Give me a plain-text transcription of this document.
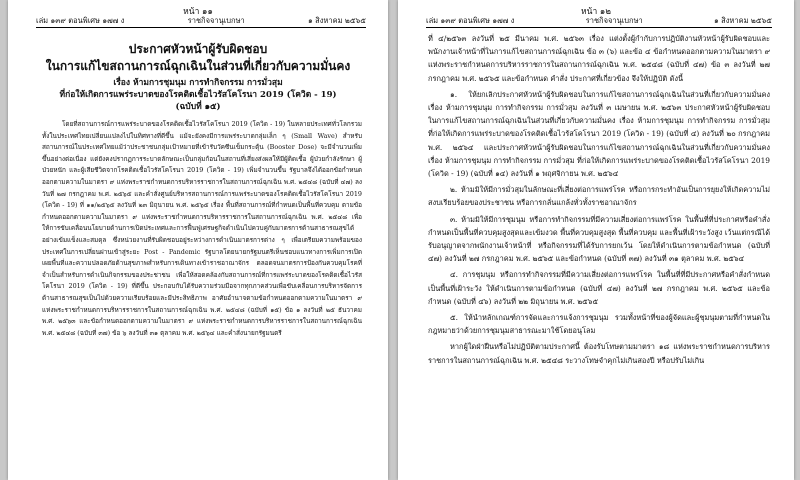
หน้า ๑๑
เล่ม ๑๓๙ ตอนพิเศษ ๑๗๗ ง	ราชกิจจานุเบกษา	๑ สิงหาคม ๒๕๖๕
ประกาศหัวหน้าผู้รับผิดชอบ
ในการแก้ไขสถานการณ์ฉุกเฉินในส่วนที่เกี่ยวกับความมั่นคง
เรื่อง ห้ามการชุมนุม การทำกิจกรรม การมั่วสุม
ที่ก่อให้เกิดการแพร่ระบาดของโรคติดเชื้อไวรัสโคโรนา 2019 (โควิด - 19)
(ฉบับที่ ๑๕)

โดยที่สถานการณ์การแพร่ระบาดของโรคติดเชื้อไวรัสโคโรนา 2019 (โควิด - 19) ในหลายประเทศทั่วโลกรวมทั้งในประเทศไทยเปลี่ยนแปลงไปในทิศทางที่ดีขึ้น แม้จะยังคงมีการแพร่ระบาดกลุ่มเล็ก ๆ (Small Wave) สำหรับสถานการณ์ในประเทศไทยแม้ว่าประชาชนกลุ่มเป้าหมายที่เข้ารับวัคซีนเข็มกระตุ้น (Booster Dose) จะมีจำนวนเพิ่มขึ้นอย่างต่อเนื่อง แต่ยังคงปรากฏการระบาดลักษณะเป็นกลุ่มก้อนในสถานที่เสี่ยงส่งผลให้มีผู้ติดเชื้อ ผู้ป่วยกำลังรักษา ผู้ป่วยหนัก และผู้เสียชีวิตจากโรคติดเชื้อไวรัสโคโรนา 2019 (โควิด - 19) เพิ่มจำนวนขึ้น รัฐบาลจึงได้ออกข้อกำหนดออกตามความในมาตรา ๙ แห่งพระราชกำหนดการบริหารราชการในสถานการณ์ฉุกเฉิน พ.ศ. ๒๕๔๘ (ฉบับที่ ๔๗) ลงวันที่ ๒๗ กรกฎาคม พ.ศ. ๒๕๖๕ และคำสั่งศูนย์บริหารสถานการณ์การแพร่ระบาดของโรคติดเชื้อไวรัสโคโรนา 2019 (โควิด - 19) ที่ ๑๑/๒๕๖๕ ลงวันที่ ๒๓ มิถุนายน พ.ศ. ๒๕๖๕ เรื่อง พื้นที่สถานการณ์ที่กำหนดเป็นพื้นที่ควบคุม ตามข้อกำหนดออกตามความในมาตรา ๙ แห่งพระราชกำหนดการบริหารราชการในสถานการณ์ฉุกเฉิน พ.ศ. ๒๕๔๘ เพื่อให้การขับเคลื่อนนโยบายด้านการเปิดประเทศและการฟื้นฟูเศรษฐกิจดำเนินไปควบคู่กับมาตรการด้านสาธารณสุขได้อย่างเข้มแข็งและสมดุล ซึ่งหน่วยงานที่รับผิดชอบอยู่ระหว่างการดำเนินมาตรการต่าง ๆ เพื่อเตรียมความพร้อมของประเทศในการเปลี่ยนผ่านเข้าสู่ระยะ Post - Pandemic รัฐบาลโดยนายกรัฐมนตรีเห็นชอบแนวทางการเพิ่มการเปิดเผยพื้นที่และความปลอดภัยด้านสุขภาพสำหรับการเดินทางเข้าราชอาณาจักร ตลอดจนมาตรการป้องกันควบคุมโรคที่จำเป็นสำหรับการดำเนินกิจกรรมของประชาชน เพื่อให้สอดคล้องกับสถานการณ์ที่การแพร่ระบาดของโรคติดเชื้อไวรัสโคโรนา 2019 (โควิด - 19) ที่ดีขึ้น ประกอบกับได้รับความร่วมมือจากทุกภาคส่วนเพื่อขับเคลื่อนการบริหารจัดการด้านสาธารณสุขเป็นไปด้วยความเรียบร้อยและมีประสิทธิภาพ อาศัยอำนาจตามข้อกำหนดออกตามความในมาตรา ๙ แห่งพระราชกำหนดการบริหารราชการในสถานการณ์ฉุกเฉิน พ.ศ. ๒๕๔๘ (ฉบับที่ ๑๕) ข้อ ๑ ลงวันที่ ๒๕ ธันวาคม พ.ศ. ๒๕๖๓ และข้อกำหนดออกตามความในมาตรา ๙ แห่งพระราชกำหนดการบริหารราชการในสถานการณ์ฉุกเฉิน พ.ศ. ๒๕๔๘ (ฉบับที่ ๓๗) ข้อ ๖ ลงวันที่ ๓๑ ตุลาคม พ.ศ. ๒๕๖๔ และคำสั่งนายกรัฐมนตรี

หน้า ๑๒
เล่ม ๑๓๙ ตอนพิเศษ ๑๗๗ ง	ราชกิจจานุเบกษา	๑ สิงหาคม ๒๕๖๕

ที่ ๔/๒๕๖๓ ลงวันที่ ๒๕ มีนาคม พ.ศ. ๒๕๖๓ เรื่อง แต่งตั้งผู้กำกับการปฏิบัติงานหัวหน้าผู้รับผิดชอบและพนักงานเจ้าหน้าที่ในการแก้ไขสถานการณ์ฉุกเฉิน ข้อ ๓ (๖) และข้อ ๔ ข้อกำหนดออกตามความในมาตรา ๙ แห่งพระราชกำหนดการบริหารราชการในสถานการณ์ฉุกเฉิน พ.ศ. ๒๕๔๘ (ฉบับที่ ๔๗) ข้อ ๓ ลงวันที่ ๒๗ กรกฎาคม พ.ศ. ๒๕๖๕ และข้อกำหนด คำสั่ง ประกาศที่เกี่ยวข้อง จึงให้ปฏิบัติ ดังนี้

๑. ให้ยกเลิกประกาศหัวหน้าผู้รับผิดชอบในการแก้ไขสถานการณ์ฉุกเฉินในส่วนที่เกี่ยวกับความมั่นคง เรื่อง ห้ามการชุมนุม การทำกิจกรรม การมั่วสุม ลงวันที่ ๓ เมษายน พ.ศ. ๒๕๖๓ ประกาศหัวหน้าผู้รับผิดชอบในการแก้ไขสถานการณ์ฉุกเฉินในส่วนที่เกี่ยวกับความมั่นคง เรื่อง ห้ามการชุมนุม การทำกิจกรรม การมั่วสุม ที่ก่อให้เกิดการแพร่ระบาดของโรคติดเชื้อไวรัสโคโรนา 2019 (โควิด - 19) (ฉบับที่ ๔) ลงวันที่ ๒๐ กรกฎาคม พ.ศ. ๒๕๖๔ และประกาศหัวหน้าผู้รับผิดชอบในการแก้ไขสถานการณ์ฉุกเฉินในส่วนที่เกี่ยวกับความมั่นคง เรื่อง ห้ามการชุมนุม การทำกิจกรรม การมั่วสุม ที่ก่อให้เกิดการแพร่ระบาดของโรคติดเชื้อไวรัสโคโรนา 2019 (โควิด - 19) (ฉบับที่ ๑๔) ลงวันที่ ๑ พฤศจิกายน พ.ศ. ๒๕๖๔

๒. ห้ามมิให้มีการมั่วสุมในลักษณะที่เสี่ยงต่อการแพร่โรค หรือการกระทำอันเป็นการยุยงให้เกิดความไม่สงบเรียบร้อยของประชาชน หรือการกลั่นแกล้งทั่วทั้งราชอาณาจักร

๓. ห้ามมิให้มีการชุมนุม หรือการทำกิจกรรมที่มีความเสี่ยงต่อการแพร่โรค ในพื้นที่ที่ประกาศหรือคำสั่งกำหนดเป็นพื้นที่ควบคุมสูงสุดและเข้มงวด พื้นที่ควบคุมสูงสุด พื้นที่ควบคุม และพื้นที่เฝ้าระวังสูง เว้นแต่กรณีได้รับอนุญาตจากพนักงานเจ้าหน้าที่ หรือกิจกรรมที่ได้รับการยกเว้น โดยให้ดำเนินการตามข้อกำหนด (ฉบับที่ ๔๗) ลงวันที่ ๒๗ กรกฎาคม พ.ศ. ๒๕๖๕ และข้อกำหนด (ฉบับที่ ๓๗) ลงวันที่ ๓๑ ตุลาคม พ.ศ. ๒๕๖๔

๔. การชุมนุม หรือการทำกิจกรรมที่มีความเสี่ยงต่อการแพร่โรค ในพื้นที่ที่มีประกาศหรือคำสั่งกำหนดเป็นพื้นที่เฝ้าระวัง ให้ดำเนินการตามข้อกำหนด (ฉบับที่ ๔๗) ลงวันที่ ๒๗ กรกฎาคม พ.ศ. ๒๕๖๕ และข้อกำหนด (ฉบับที่ ๔๖) ลงวันที่ ๒๒ มิถุนายน พ.ศ. ๒๕๖๕

๕. ให้นำหลักเกณฑ์การจัดและการแจ้งการชุมนุม รวมทั้งหน้าที่ของผู้จัดและผู้ชุมนุมตามที่กำหนดในกฎหมายว่าด้วยการชุมนุมสาธารณะมาใช้โดยอนุโลม

หากผู้ใดฝ่าฝืนหรือไม่ปฏิบัติตามประกาศนี้ ต้องรับโทษตามมาตรา ๑๘ แห่งพระราชกำหนดการบริหารราชการในสถานการณ์ฉุกเฉิน พ.ศ. ๒๕๔๘ ระวางโทษจำคุกไม่เกินสองปี หรือปรับไม่เกิน
